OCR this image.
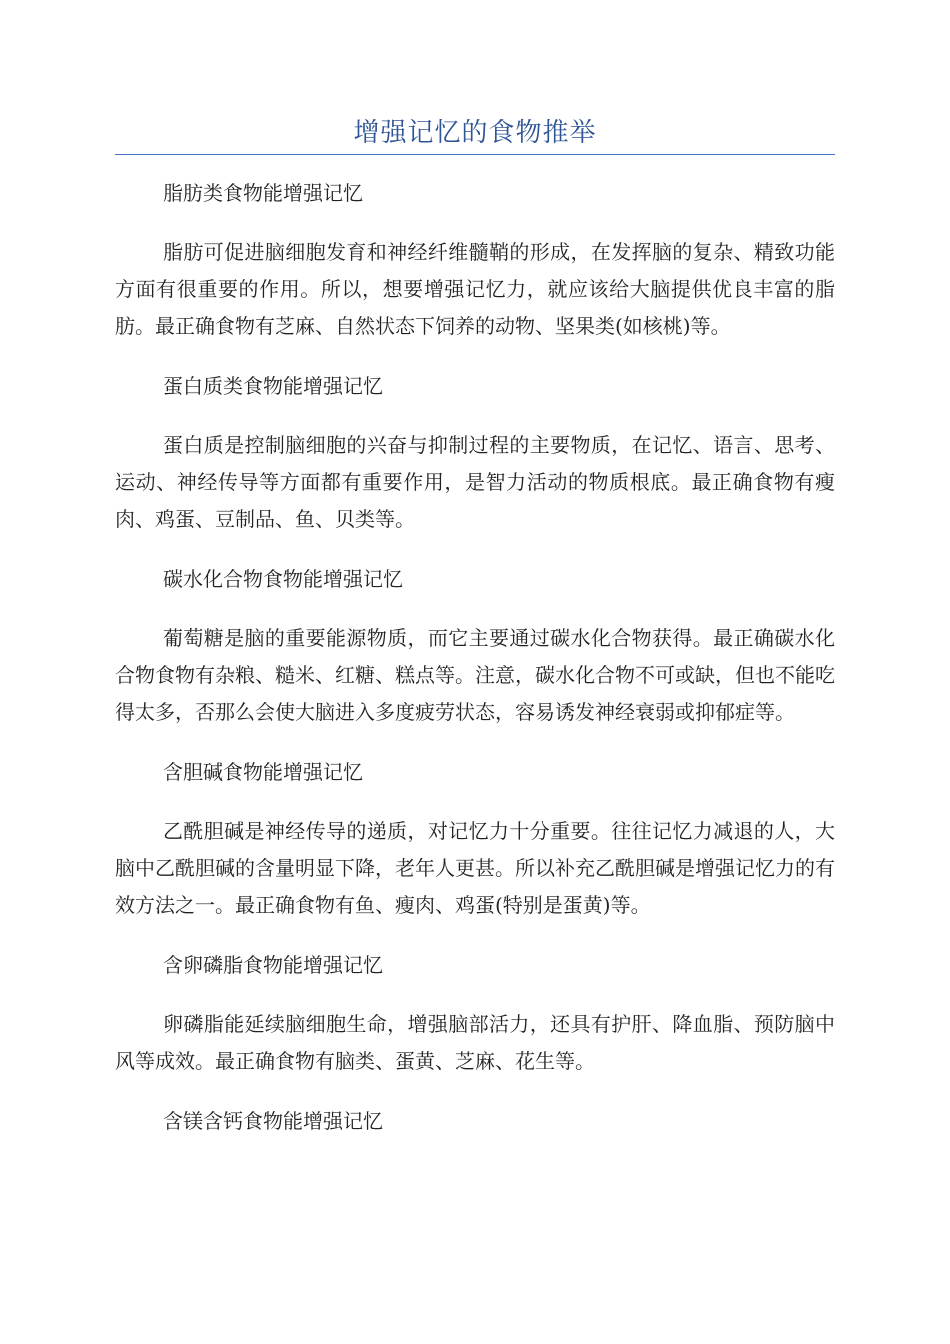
增强记忆的食物推举

脂肪类食物能增强记忆

脂肪可促进脑细胞发育和神经纤维髓鞘的形成，在发挥脑的复杂、精致功能方面有很重要的作用。所以，想要增强记忆力，就应该给大脑提供优良丰富的脂肪。最正确食物有芝麻、自然状态下饲养的动物、坚果类(如核桃)等。

蛋白质类食物能增强记忆

蛋白质是控制脑细胞的兴奋与抑制过程的主要物质，在记忆、语言、思考、运动、神经传导等方面都有重要作用，是智力活动的物质根底。最正确食物有瘦肉、鸡蛋、豆制品、鱼、贝类等。

碳水化合物食物能增强记忆

葡萄糖是脑的重要能源物质，而它主要通过碳水化合物获得。最正确碳水化合物食物有杂粮、糙米、红糖、糕点等。注意，碳水化合物不可或缺，但也不能吃得太多，否那么会使大脑进入多度疲劳状态，容易诱发神经衰弱或抑郁症等。

含胆碱食物能增强记忆

乙酰胆碱是神经传导的递质，对记忆力十分重要。往往记忆力减退的人，大脑中乙酰胆碱的含量明显下降，老年人更甚。所以补充乙酰胆碱是增强记忆力的有效方法之一。最正确食物有鱼、瘦肉、鸡蛋(特别是蛋黄)等。

含卵磷脂食物能增强记忆

卵磷脂能延续脑细胞生命，增强脑部活力，还具有护肝、降血脂、预防脑中风等成效。最正确食物有脑类、蛋黄、芝麻、花生等。

含镁含钙食物能增强记忆
